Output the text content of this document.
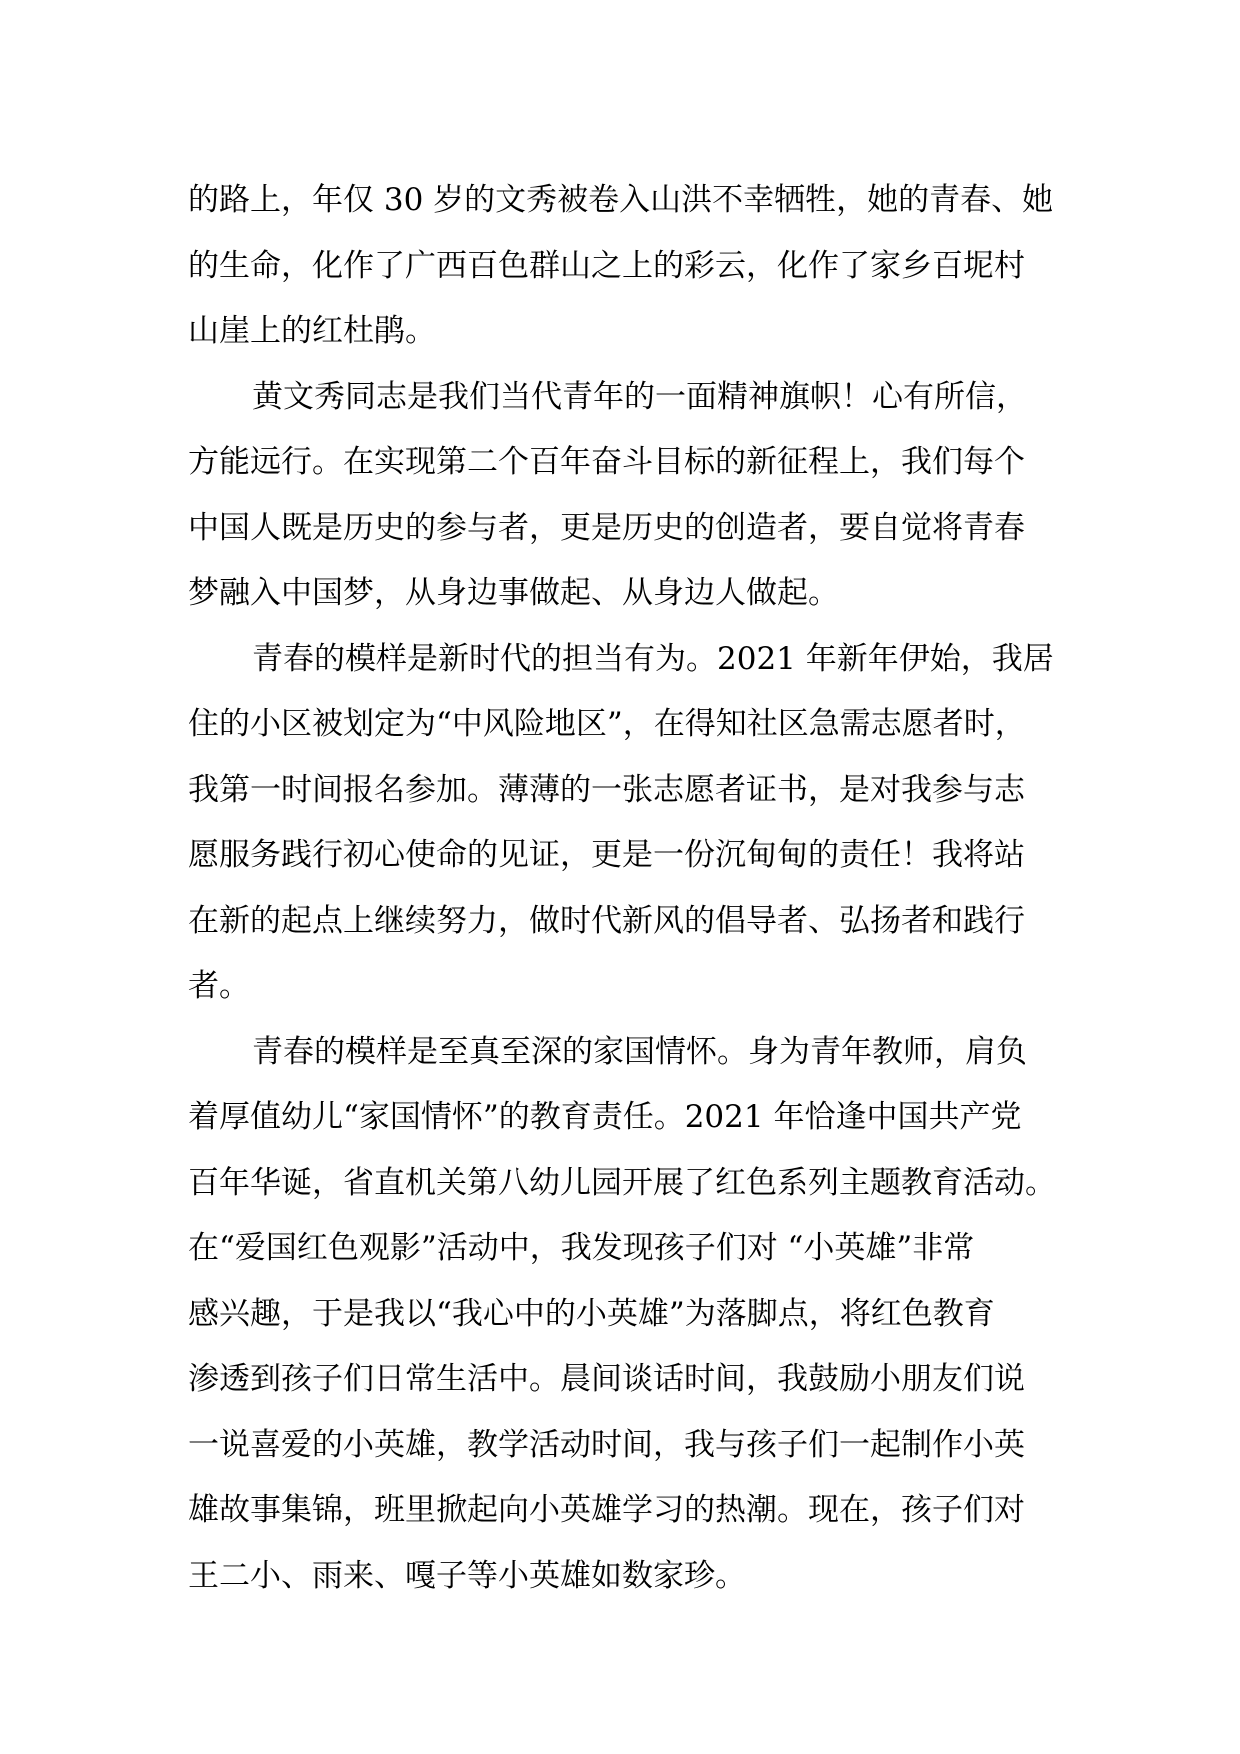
的路上，年仅 30 岁的文秀被卷入山洪不幸牺牲，她的青春、她
的生命，化作了广西百色群山之上的彩云，化作了家乡百坭村
山崖上的红杜鹃。
黄文秀同志是我们当代青年的一面精神旗帜！心有所信，
方能远行。在实现第二个百年奋斗目标的新征程上，我们每个
中国人既是历史的参与者，更是历史的创造者，要自觉将青春
梦融入中国梦，从身边事做起、从身边人做起。
青春的模样是新时代的担当有为。2021 年新年伊始，我居
住的小区被划定为“中风险地区”，在得知社区急需志愿者时，
我第一时间报名参加。薄薄的一张志愿者证书，是对我参与志
愿服务践行初心使命的见证，更是一份沉甸甸的责任！我将站
在新的起点上继续努力，做时代新风的倡导者、弘扬者和践行
者。
青春的模样是至真至深的家国情怀。身为青年教师，肩负
着厚值幼儿“家国情怀”的教育责任。2021 年恰逢中国共产党
百年华诞，省直机关第八幼儿园开展了红色系列主题教育活动。
在“爱国红色观影”活动中，我发现孩子们对 “小英雄”非常
感兴趣，于是我以“我心中的小英雄”为落脚点，将红色教育
渗透到孩子们日常生活中。晨间谈话时间，我鼓励小朋友们说
一说喜爱的小英雄，教学活动时间，我与孩子们一起制作小英
雄故事集锦，班里掀起向小英雄学习的热潮。现在，孩子们对
王二小、雨来、嘎子等小英雄如数家珍。
